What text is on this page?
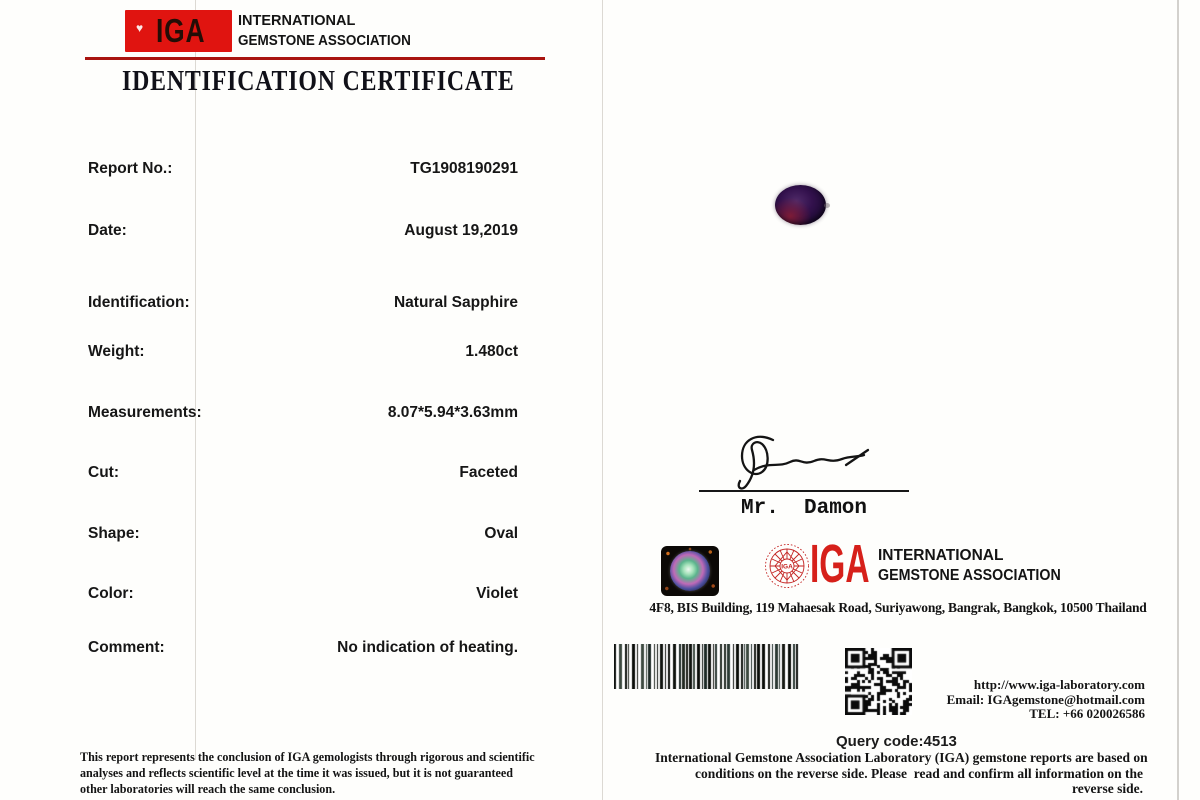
♥ IGA INTERNATIONAL
GEMSTONE ASSOCIATION
IDENTIFICATION CERTIFICATE
Report No.:	TG1908190291
Date:	August 19,2019
Identification:	Natural Sapphire
Weight:	1.480ct
Measurements:	8.07*5.94*3.63mm
Cut:	Faceted
Shape:	Oval
Color:	Violet
Comment:	No indication of heating.
Mr.  Damon
IGA IGA INTERNATIONAL
GEMSTONE ASSOCIATION
4F8, BIS Building, 119 Mahaesak Road, Suriyawong, Bangrak, Bangkok, 10500 Thailand
http://www.iga-laboratory.com
Email: IGAgemstone@hotmail.com
TEL: +66 020026586
Query code:4513
International Gemstone Association Laboratory (IGA) gemstone reports are based on
conditions on the reverse side. Please  read and confirm all information on the
reverse side.
This report represents the conclusion of IGA gemologists through rigorous and scientific
analyses and reflects scientific level at the time it was issued, but it is not guaranteed
other laboratories will reach the same conclusion.
